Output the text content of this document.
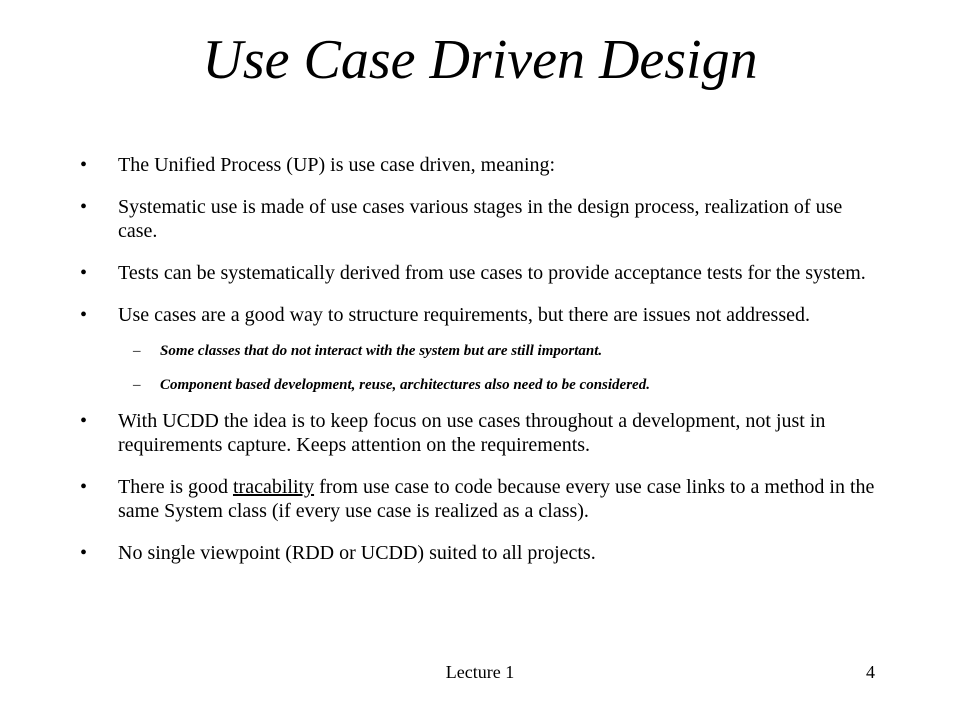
Use Case Driven Design
• The Unified Process (UP) is use case driven, meaning:
• Systematic use is made of use cases various stages in the design process, realization of use case.
• Tests can be systematically derived from use cases to provide acceptance tests for the system.
• Use cases are a good way to structure requirements, but there are issues not addressed.
– Some classes that do not interact with the system but are still important.
– Component based development, reuse, architectures also need to be considered.
• With UCDD the idea is to keep focus on use cases throughout a development, not just in requirements capture. Keeps attention on the requirements.
• There is good tracability from use case to code because every use case links to a method in the same System class (if every use case is realized as a class).
• No single viewpoint (RDD or UCDD) suited to all projects.
Lecture 1	4
